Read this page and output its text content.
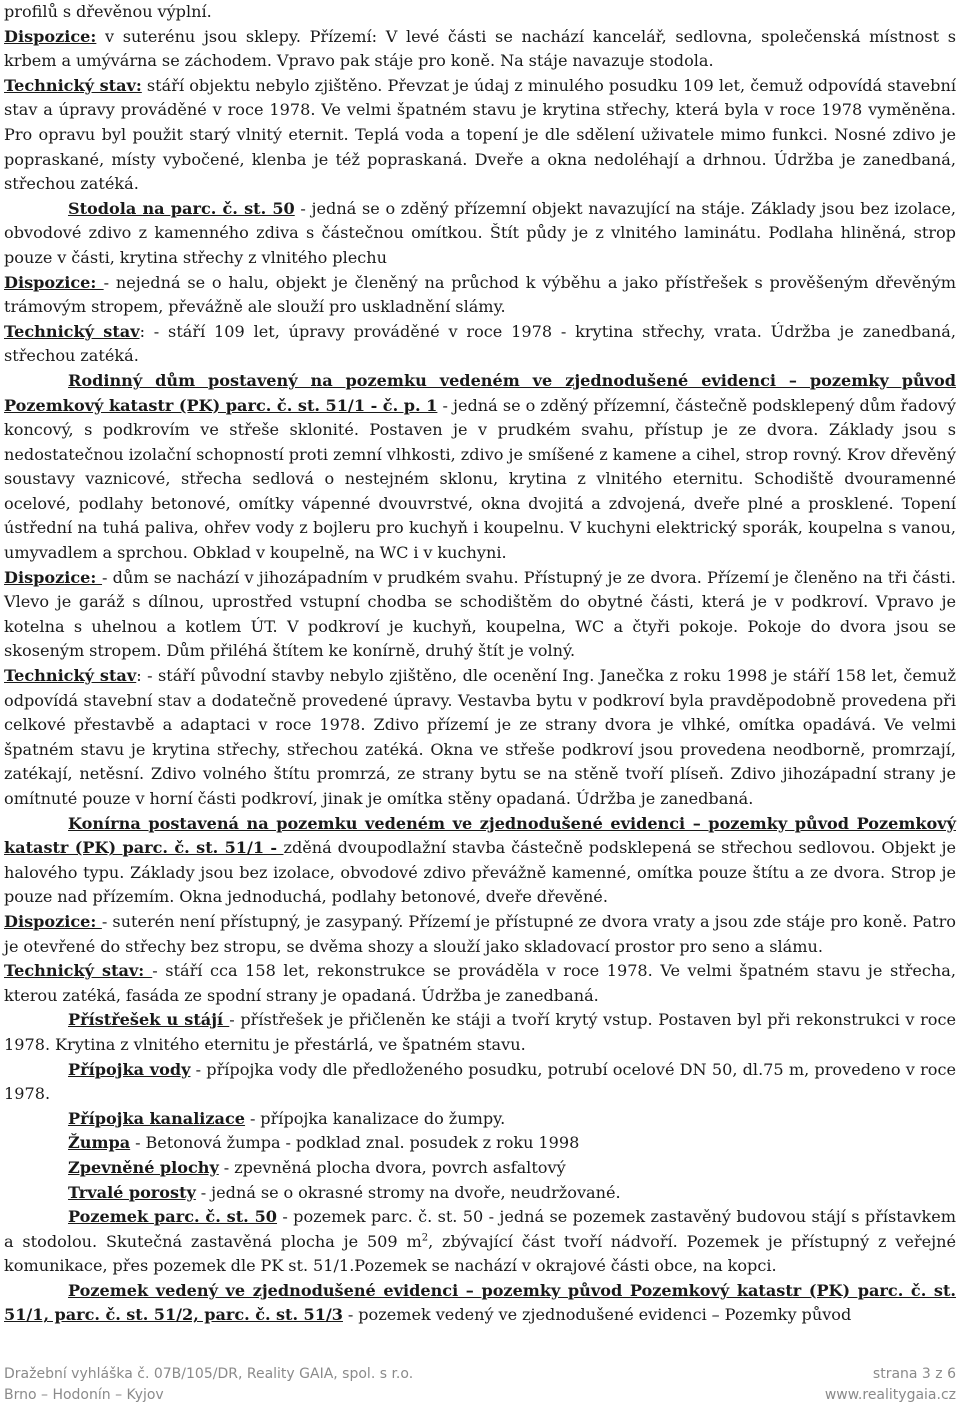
profilů s dřevěnou výplní.

Dispozice: v suterénu jsou sklepy. Přízemí: V levé části se nachází kancelář, sedlovna, společenská místnost s krbem a umývárna se záchodem. Vpravo pak stáje pro koně. Na stáje navazuje stodola.

Technický stav: stáří objektu nebylo zjištěno. Převzat je údaj z minulého posudku 109 let, čemuž odpovídá stavební stav a úpravy prováděné v roce 1978. Ve velmi špatném stavu je krytina střechy, která byla v roce 1978 vyměněna. Pro opravu byl použit starý vlnitý eternit. Teplá voda a topení je dle sdělení uživatele mimo funkci. Nosné zdivo je popraskané, místy vybočené, klenba je též popraskaná. Dveře a okna nedoléhají a drhnou. Údržba je zanedbaná, střechou zatéká.

Stodola na parc. č. st. 50 - jedná se o zděný přízemní objekt navazující na stáje. Základy jsou bez izolace, obvodové zdivo z kamenného zdiva s částečnou omítkou. Štít půdy je z vlnitého laminátu. Podlaha hliněná, strop pouze v části, krytina střechy z vlnitého plechu

Dispozice: - nejedná se o halu, objekt je členěný na průchod k výběhu a jako přístřešek s prověšeným dřevěným trámovým stropem, převážně ale slouží pro uskladnění slámy.

Technický stav: - stáří 109 let, úpravy prováděné v roce 1978 - krytina střechy, vrata. Údržba je zanedbaná, střechou zatéká.

Rodinný dům postavený na pozemku vedeném ve zjednodušené evidenci – pozemky původ Pozemkový katastr (PK) parc. č. st. 51/1 - č. p. 1 - jedná se o zděný přízemní, částečně podsklepený dům řadový koncový, s podkrovím ve střeše sklonité. Postaven je v prudkém svahu, přístup je ze dvora. Základy jsou s nedostatečnou izolační schopností proti zemní vlhkosti, zdivo je smíšené z kamene a cihel, strop rovný. Krov dřevěný soustavy vaznicové, střecha sedlová o nestejném sklonu, krytina z vlnitého eternitu. Schodiště dvouramenné ocelové, podlahy betonové, omítky vápenné dvouvrstvé, okna dvojitá a zdvojená, dveře plné a prosklené. Topení ústřední na tuhá paliva, ohřev vody z bojleru pro kuchyň i koupelnu. V kuchyni elektrický sporák, koupelna s vanou, umyvadlem a sprchou. Obklad v koupelně, na WC i v kuchyni.

Dispozice: - dům se nachází v jihozápadním v prudkém svahu. Přístupný je ze dvora. Přízemí je členěno na tři části. Vlevo je garáž s dílnou, uprostřed vstupní chodba se schodištěm do obytné části, která je v podkroví. Vpravo je kotelna s uhelnou a kotlem ÚT. V podkroví je kuchyň, koupelna, WC a čtyři pokoje. Pokoje do dvora jsou se skoseným stropem. Dům přiléhá štítem ke konírně, druhý štít je volný.

Technický stav: - stáří původní stavby nebylo zjištěno, dle ocenění Ing. Janečka z roku 1998 je stáří 158 let, čemuž odpovídá stavební stav a dodatečně provedené úpravy. Vestavba bytu v podkroví byla pravděpodobně provedena při celkové přestavbě a adaptaci v roce 1978. Zdivo přízemí je ze strany dvora je vlhké, omítka opadává. Ve velmi špatném stavu je krytina střechy, střechou zatéká. Okna ve střeše podkroví jsou provedena neodborně, promrzají, zatékají, netěsní. Zdivo volného štítu promrzá, ze strany bytu se na stěně tvoří plíseň. Zdivo jihozápadní strany je omítnuté pouze v horní části podkroví, jinak je omítka stěny opadaná. Údržba je zanedbaná.

Konírna postavená na pozemku vedeném ve zjednodušené evidenci – pozemky původ Pozemkový katastr (PK) parc. č. st. 51/1 - zděná dvoupodlažní stavba částečně podsklepená se střechou sedlovou. Objekt je halového typu. Základy jsou bez izolace, obvodové zdivo převážně kamenné, omítka pouze štítu a ze dvora. Strop je pouze nad přízemím. Okna jednoduchá, podlahy betonové, dveře dřevěné.

Dispozice: - suterén není přístupný, je zasypaný. Přízemí je přístupné ze dvora vraty a jsou zde stáje pro koně. Patro je otevřené do střechy bez stropu, se dvěma shozy a slouží jako skladovací prostor pro seno a slámu.

Technický stav: - stáří cca 158 let, rekonstrukce se prováděla v roce 1978. Ve velmi špatném stavu je střecha, kterou zatéká, fasáda ze spodní strany je opadaná. Údržba je zanedbaná.

Přístřešek u stájí - přístřešek je přičleněn ke stáji a tvoří krytý vstup. Postaven byl při rekonstrukci v roce 1978. Krytina z vlnitého eternitu je přestárlá, ve špatném stavu.

Přípojka vody - přípojka vody dle předloženého posudku, potrubí ocelové DN 50, dl.75 m, provedeno v roce 1978.

Přípojka kanalizace - přípojka kanalizace do žumpy.

Žumpa - Betonová žumpa - podklad znal. posudek z roku 1998

Zpevněné plochy - zpevněná plocha dvora, povrch asfaltový

Trvalé porosty - jedná se o okrasné stromy na dvoře, neudržované.

Pozemek parc. č. st. 50 - pozemek parc. č. st. 50 - jedná se pozemek zastavěný budovou stájí s přístavkem a stodolou. Skutečná zastavěná plocha je 509 $m^2$, zbývající část tvoří nádvoří. Pozemek je přístupný z veřejné komunikace, přes pozemek dle PK st. 51/1.Pozemek se nachází v okrajové části obce, na kopci.

Pozemek vedený ve zjednodušené evidenci – pozemky původ Pozemkový katastr (PK) parc. č. st. 51/1, parc. č. st. 51/2, parc. č. st. 51/3 - pozemek vedený ve zjednodušené evidenci – Pozemky původ

Dražební vyhláška č. 07B/105/DR, Reality GAIA, spol. s r.o.	strana 3 z 6
Brno – Hodonín – Kyjov	www.realitygaia.cz
